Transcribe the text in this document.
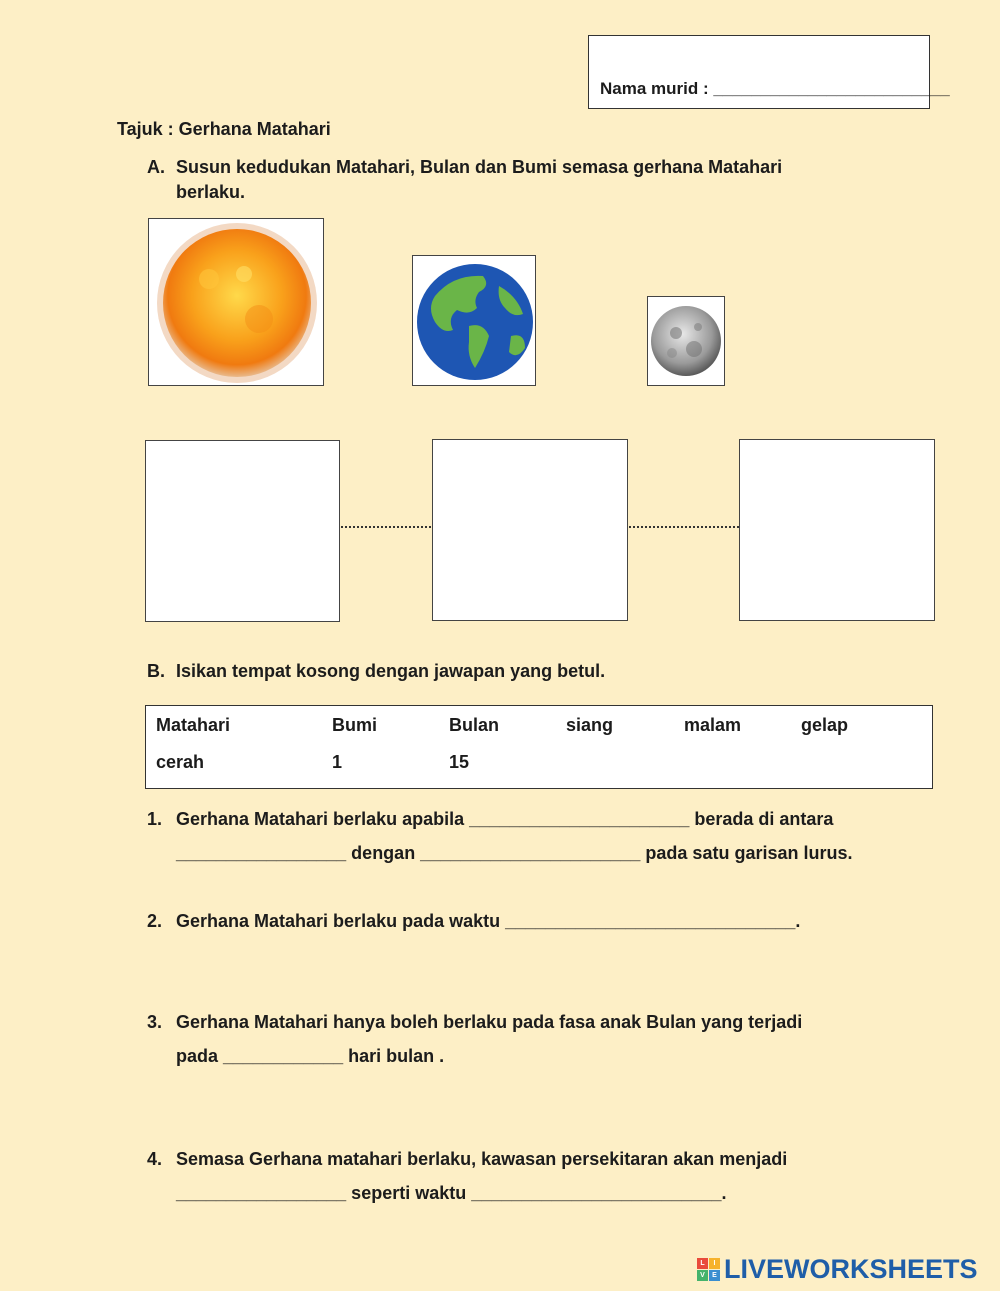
Nama murid : _________________________
Tajuk : Gerhana Matahari
A. Susun kedudukan Matahari, Bulan dan Bumi semasa gerhana Matahari
berlaku.
B. Isikan tempat kosong dengan jawapan yang betul.
Matahari	Bumi	Bulan	siang	malam	gelap
cerah	1	15
1. Gerhana Matahari berlaku apabila ______________________ berada di antara
_________________ dengan ______________________ pada satu garisan lurus.
2. Gerhana Matahari berlaku pada waktu _____________________________.
3. Gerhana Matahari hanya boleh berlaku pada fasa anak Bulan yang terjadi
pada ____________ hari bulan .
4. Semasa Gerhana matahari berlaku, kawasan persekitaran akan menjadi
_________________ seperti waktu _________________________.
L	I
V	E LIVEWORKSHEETS
